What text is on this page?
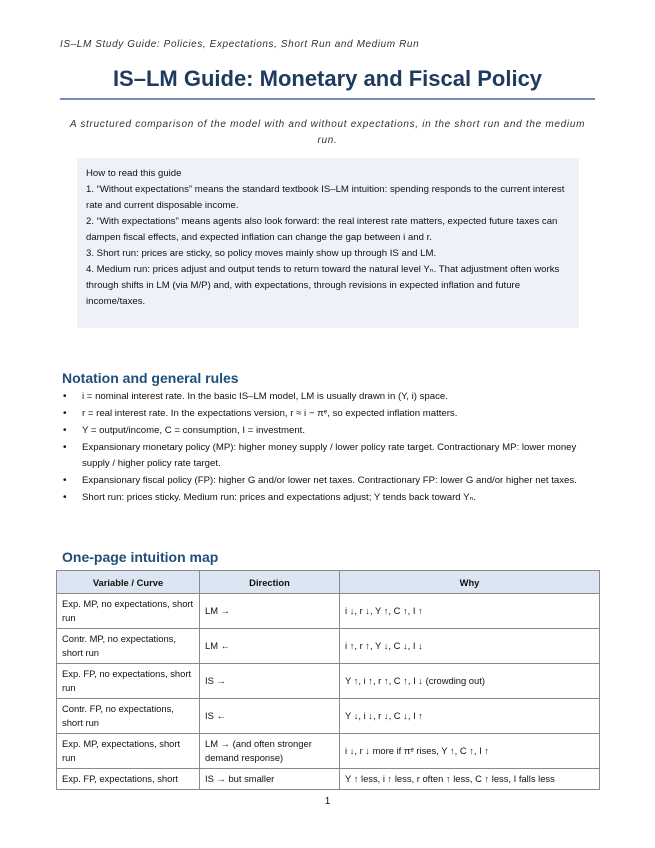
IS–LM Study Guide: Policies, Expectations, Short Run and Medium Run
IS–LM Guide: Monetary and Fiscal Policy
A structured comparison of the model with and without expectations, in the short run and the medium run.

How to read this guide

1. “Without expectations” means the standard textbook IS–LM intuition: spending responds to the current interest rate and current disposable income.

2. “With expectations” means agents also look forward: the real interest rate matters, expected future taxes can dampen fiscal effects, and expected inflation can change the gap between i and r.

3. Short run: prices are sticky, so policy moves mainly show up through IS and LM.

4. Medium run: prices adjust and output tends to return toward the natural level Yₙ. That adjustment often works through shifts in LM (via M/P) and, with expectations, through revisions in expected inflation and future income/taxes.

Notation and general rules
• i = nominal interest rate. In the basic IS–LM model, LM is usually drawn in (Y, i) space.
• r = real interest rate. In the expectations version, r ≈ i − πᵉ, so expected inflation matters.
• Y = output/income, C = consumption, I = investment.
• Expansionary monetary policy (MP): higher money supply / lower policy rate target. Contractionary MP: lower money supply / higher policy rate target.
• Expansionary fiscal policy (FP): higher G and/or lower net taxes. Contractionary FP: lower G and/or higher net taxes.
• Short run: prices sticky. Medium run: prices and expectations adjust; Y tends back toward Yₙ.
One-page intuition map
Variable / Curve	Direction	Why
Exp. MP, no expectations, short run	LM →	i ↓, r ↓, Y ↑, C ↑, I ↑
Contr. MP, no expectations, short run	LM ←	i ↑, r ↑, Y ↓, C ↓, I ↓
Exp. FP, no expectations, short run	IS →	Y ↑, i ↑, r ↑, C ↑, I ↓ (crowding out)
Contr. FP, no expectations, short run	IS ←	Y ↓, i ↓, r ↓, C ↓, I ↑
Exp. MP, expectations, short run	LM → (and often stronger demand response)	i ↓, r ↓ more if πᵉ rises, Y ↑, C ↑, I ↑
Exp. FP, expectations, short	IS → but smaller	Y ↑ less, i ↑ less, r often ↑ less, C ↑ less, I falls less
1
